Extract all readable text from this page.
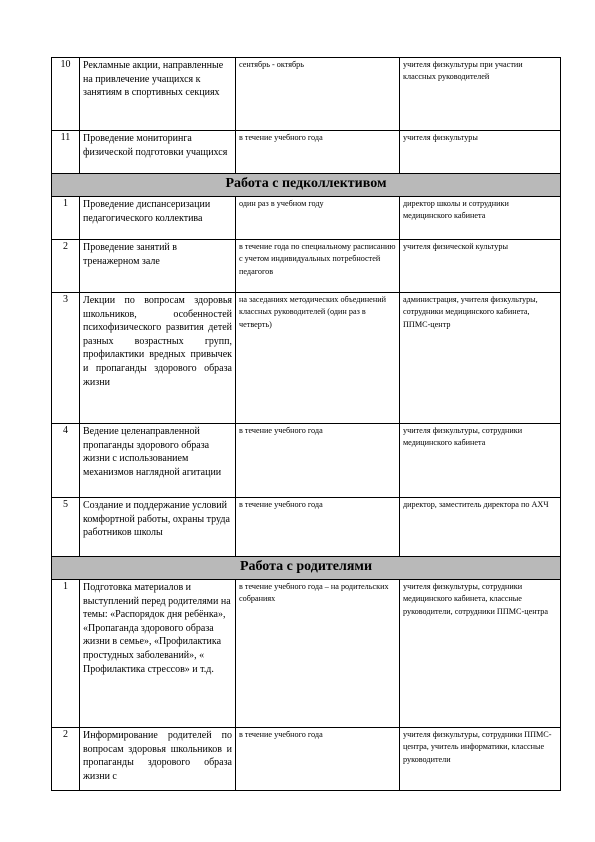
10	Рекламные акции, направленные на привлечение учащихся к занятиям в спортивных секциях	сентябрь - октябрь	учителя физкультуры при участии классных руководителей
11	Проведение мониторинга физической подготовки учащихся	в течение учебного года	учителя физкультуры
Работа с педколлективом			
1	Проведение диспансеризации педагогического коллектива	один раз в учебном году	директор школы и сотрудники медицинского кабинета
2	Проведение занятий в тренажерном зале	в течение года по специальному расписанию с учетом индивидуальных потребностей педагогов	учителя физической культуры
3	Лекции по вопросам здоровья школьников, особенностей психофизического развития детей разных возрастных групп, профилактики вредных привычек и пропаганды здорового образа жизни	на заседаниях методических объединений классных руководителей (один раз в четверть)	администрация, учителя физкультуры, сотрудники медицинского кабинета, ППМС-центр
4	Ведение целенаправленной пропаганды здорового образа жизни с использованием механизмов наглядной агитации	в течение учебного года	учителя физкультуры, сотрудники медицинского кабинета
5	Создание и поддержание условий комфортной работы, охраны труда работников школы	в течение учебного года	директор, заместитель директора по АХЧ
Работа с родителями			
1	Подготовка материалов и выступлений перед родителями на темы: «Распорядок дня ребёнка», «Пропаганда здорового образа жизни в семье», «Профилактика простудных заболеваний», « Профилактика стрессов» и т.д.	в течение учебного года – на родительских собраниях	учителя физкультуры, сотрудники медицинского кабинета, классные руководители, сотрудники ППМС-центра
2	Информирование родителей по вопросам здоровья школьников и пропаганды здорового образа жизни с	в течение учебного года	учителя физкультуры, сотрудники ППМС-центра, учитель информатики, классные руководители
